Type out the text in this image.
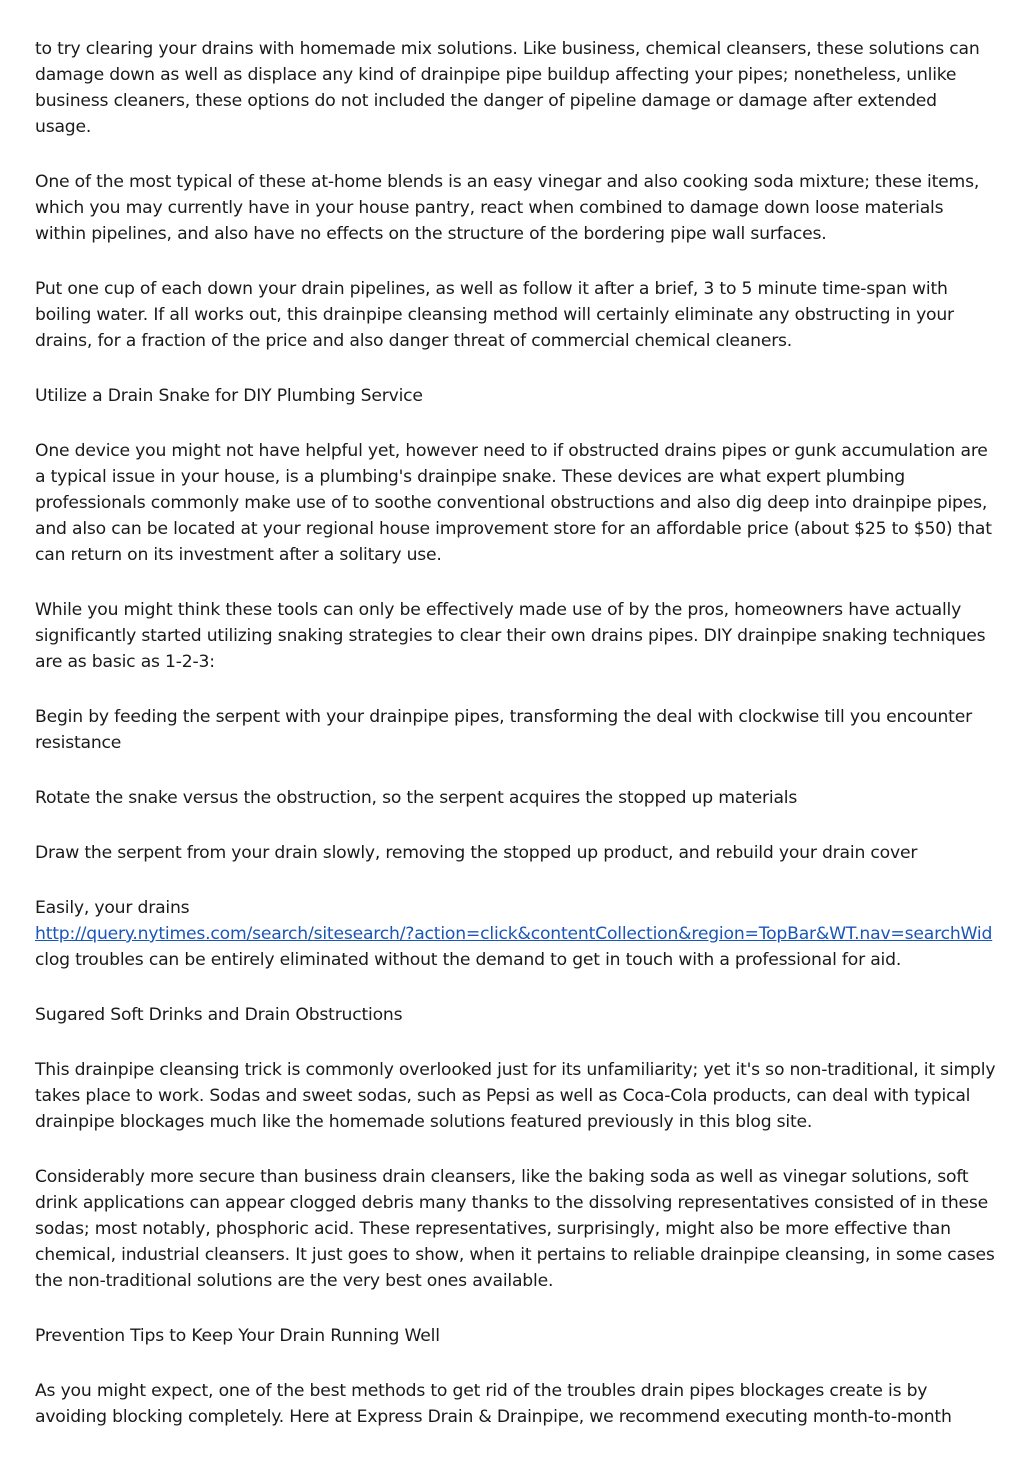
to try clearing your drains with homemade mix solutions. Like business, chemical cleansers, these solutions can damage down as well as displace any kind of drainpipe pipe buildup affecting your pipes; nonetheless, unlike business cleaners, these options do not included the danger of pipeline damage or damage after extended usage.

One of the most typical of these at-home blends is an easy vinegar and also cooking soda mixture; these items, which you may currently have in your house pantry, react when combined to damage down loose materials within pipelines, and also have no effects on the structure of the bordering pipe wall surfaces.

Put one cup of each down your drain pipelines, as well as follow it after a brief, 3 to 5 minute time-span with boiling water. If all works out, this drainpipe cleansing method will certainly eliminate any obstructing in your drains, for a fraction of the price and also danger threat of commercial chemical cleaners.

Utilize a Drain Snake for DIY Plumbing Service

One device you might not have helpful yet, however need to if obstructed drains pipes or gunk accumulation are a typical issue in your house, is a plumbing's drainpipe snake. These devices are what expert plumbing professionals commonly make use of to soothe conventional obstructions and also dig deep into drainpipe pipes, and also can be located at your regional house improvement store for an affordable price (about $25 to $50) that can return on its investment after a solitary use.

While you might think these tools can only be effectively made use of by the pros, homeowners have actually significantly started utilizing snaking strategies to clear their own drains pipes. DIY drainpipe snaking techniques are as basic as 1-2-3:

Begin by feeding the serpent with your drainpipe pipes, transforming the deal with clockwise till you encounter resistance

Rotate the snake versus the obstruction, so the serpent acquires the stopped up materials

Draw the serpent from your drain slowly, removing the stopped up product, and rebuild your drain cover

Easily, your drains
http://query.nytimes.com/search/sitesearch/?action=click&contentCollection&region=TopBar&WT.nav=searchWid
clog troubles can be entirely eliminated without the demand to get in touch with a professional for aid.

Sugared Soft Drinks and Drain Obstructions

This drainpipe cleansing trick is commonly overlooked just for its unfamiliarity; yet it's so non-traditional, it simply takes place to work. Sodas and sweet sodas, such as Pepsi as well as Coca-Cola products, can deal with typical drainpipe blockages much like the homemade solutions featured previously in this blog site.

Considerably more secure than business drain cleansers, like the baking soda as well as vinegar solutions, soft drink applications can appear clogged debris many thanks to the dissolving representatives consisted of in these sodas; most notably, phosphoric acid. These representatives, surprisingly, might also be more effective than chemical, industrial cleansers. It just goes to show, when it pertains to reliable drainpipe cleansing, in some cases the non-traditional solutions are the very best ones available.

Prevention Tips to Keep Your Drain Running Well

As you might expect, one of the best methods to get rid of the troubles drain pipes blockages create is by avoiding blocking completely. Here at Express Drain & Drainpipe, we recommend executing month-to-month
